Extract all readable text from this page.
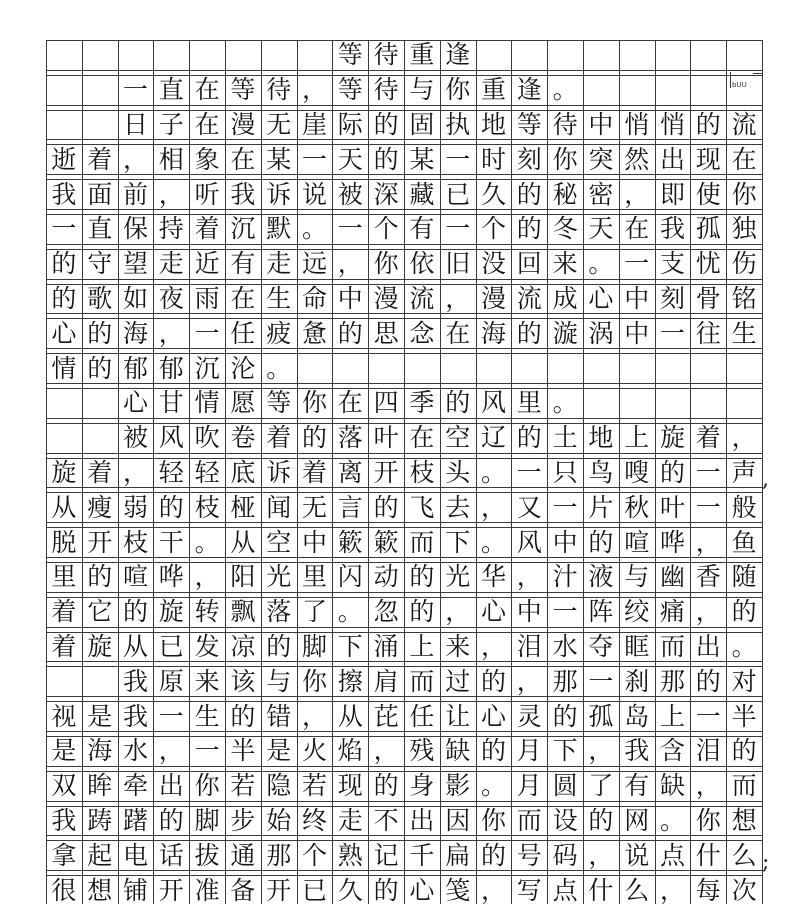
等 待 重 逢
一 直 在 等 待 ， 等 待 与 你 重 逢 。
日 子 在 漫 无 崖 际 的 固 执 地 等 待 中 悄 悄 的 流
逝 着 ， 相 象 在 某 一 天 的 某 一 时 刻 你 突 然 出 现 在
我 面 前 ， 听 我 诉 说 被 深 藏 已 久 的 秘 密 ， 即 使 你
一 直 保 持 着 沉 默 。 一 个 有 一 个 的 冬 天 在 我 孤 独
的 守 望 走 近 有 走 远 ， 你 依 旧 没 回 来 。 一 支 忧 伤
的 歌 如 夜 雨 在 生 命 中 漫 流 ， 漫 流 成 心 中 刻 骨 铭
心 的 海 ， 一 任 疲 惫 的 思 念 在 海 的 漩 涡 中 一 往 生
情 的 郁 郁 沉 沦 。
心 甘 情 愿 等 你 在 四 季 的 风 里 。
被 风 吹 卷 着 的 落 叶 在 空 辽 的 土 地 上 旋 着 ，
旋 着 ， 轻 轻 底 诉 着 离 开 枝 头 。 一 只 鸟 嗖 的 一 声
从 瘦 弱 的 枝 桠 闻 无 言 的 飞 去 ， 又 一 片 秋 叶 一 般
脱 开 枝 干 。 从 空 中 簌 簌 而 下 。 风 中 的 喧 哗 ， 鱼
里 的 喧 哗 ， 阳 光 里 闪 动 的 光 华 ， 汁 液 与 幽 香 随
着 它 的 旋 转 飘 落 了 。 忽 的 ， 心 中 一 阵 绞 痛 ， 的
着 旋 从 已 发 凉 的 脚 下 涌 上 来 ， 泪 水 夺 眶 而 出 。
我 原 来 该 与 你 擦 肩 而 过 的 ， 那 一 刹 那 的 对
视 是 我 一 生 的 错 ， 从 芘 任 让 心 灵 的 孤 岛 上 一 半
是 海 水 ， 一 半 是 火 焰 ， 残 缺 的 月 下 ， 我 含 泪 的
双 眸 牵 出 你 若 隐 若 现 的 身 影 。 月 圆 了 有 缺 ， 而
我 踌 躇 的 脚 步 始 终 走 不 出 因 你 而 设 的 网 。 你 想
拿 起 电 话 拔 通 那 个 熟 记 千 扁 的 号 码 ， 说 点 什 么
很 想 铺 开 准 备 开 已 久 的 心 笺 ， 写 点 什 么 ， 每 次
bUU
,
;
